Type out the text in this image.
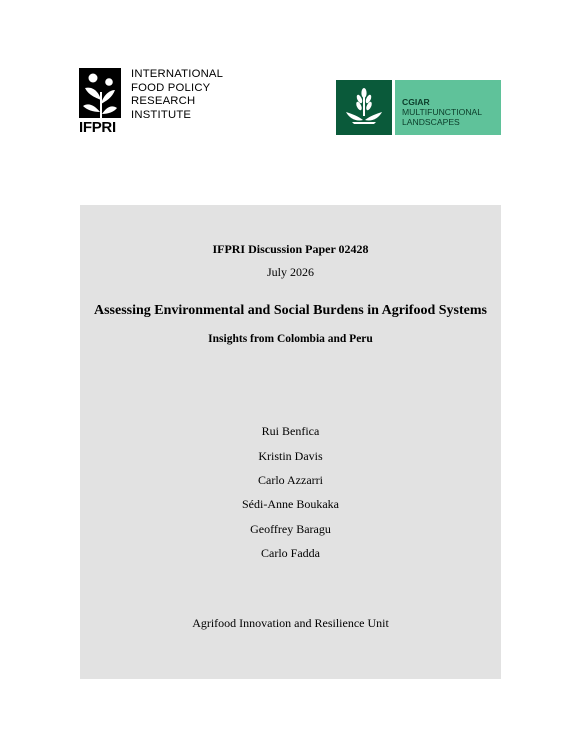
IFPRI
INTERNATIONAL
FOOD POLICY
RESEARCH
INSTITUTE
CGIAR
MULTIFUNCTIONAL
LANDSCAPES
IFPRI Discussion Paper 02428
July 2026
Assessing Environmental and Social Burdens in Agrifood Systems
Insights from Colombia and Peru
Rui Benfica
Kristin Davis
Carlo Azzarri
Sédi-Anne Boukaka
Geoffrey Baragu
Carlo Fadda
Agrifood Innovation and Resilience Unit
